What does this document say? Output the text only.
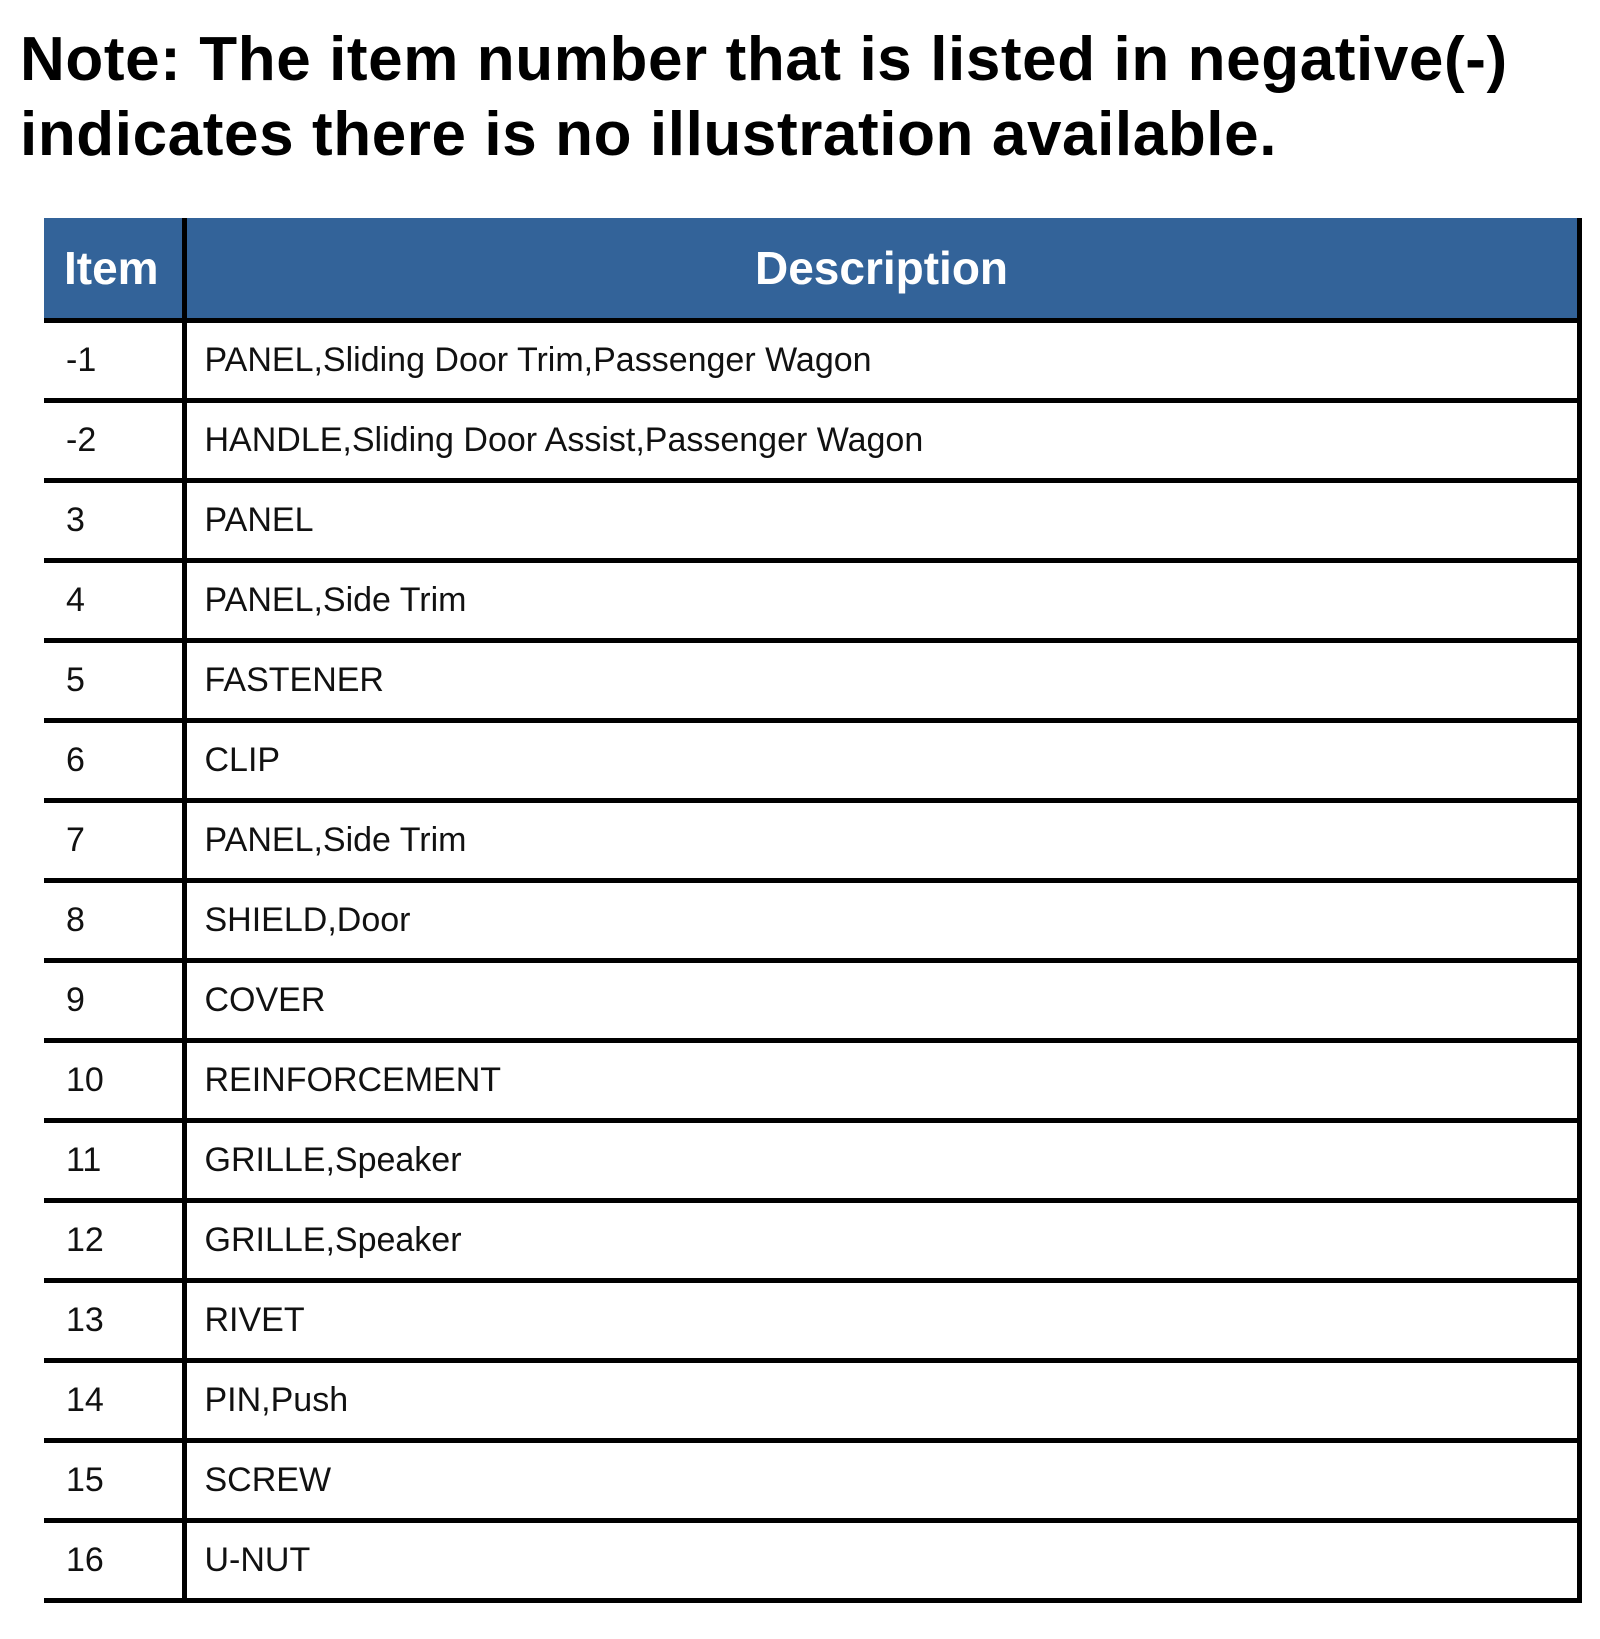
Note: The item number that is listed in negative(-)
indicates there is no illustration available.
Item	Description
-1	PANEL,Sliding Door Trim,Passenger Wagon
-2	HANDLE,Sliding Door Assist,Passenger Wagon
3	PANEL
4	PANEL,Side Trim
5	FASTENER
6	CLIP
7	PANEL,Side Trim
8	SHIELD,Door
9	COVER
10	REINFORCEMENT
11	GRILLE,Speaker
12	GRILLE,Speaker
13	RIVET
14	PIN,Push
15	SCREW
16	U-NUT
